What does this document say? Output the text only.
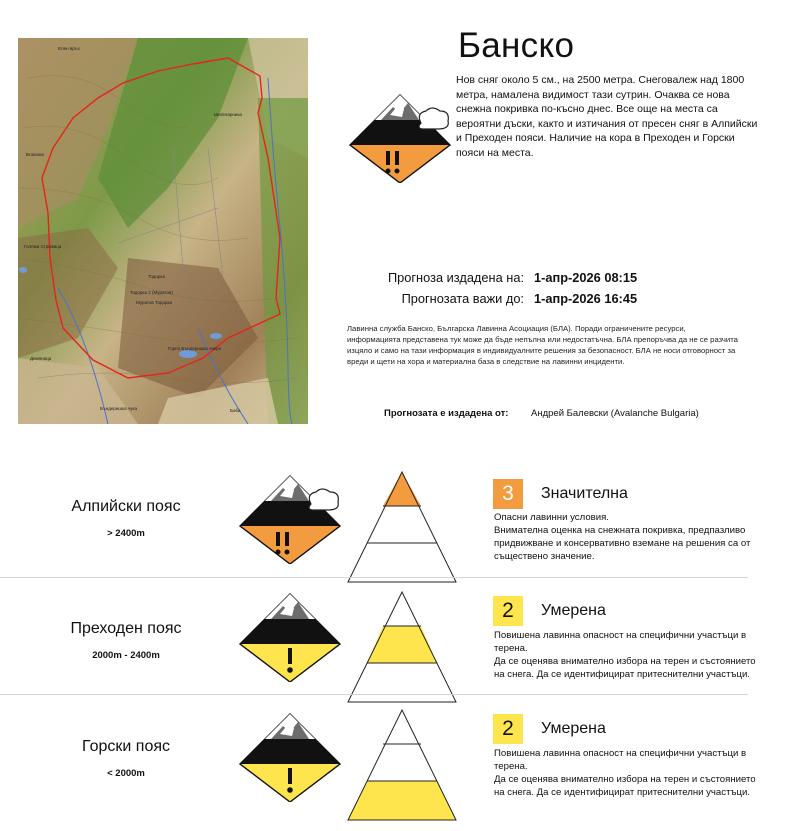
Тодорка
Тодорка 2 (Муратов)
Муратов Тодорка
Шилигарника
Влахина
Бъндеришка чука
Демяница
Горно Бъндеришко езеро
Елен връх
Баба
Голяма Стражица
Банско
Нов сняг около 5 см., на 2500 метра. Снеговалеж над 1800 метра, намалена видимост тази сутрин. Очаква се нова снежна покривка по-късно днес. Все още на места са вероятни дъски, както и изтичания от пресен сняг в Алпийски и Преходен пояси. Наличие на кора в Преходен и Горски пояси на места.
Прогноза издадена на: 1-апр-2026 08:15
Прогнозата важи до: 1-апр-2026 16:45
Лавинна служба Банско, Българска Лавинна Асоциация (БЛА). Поради ограничените ресурси, информацията представена тук може да бъде непълна или недостатъчна. БЛА препоръчва да не се разчита изцяло и само на тази информация в индивидуалните решения за безопасност. БЛА не носи отговорност за вреди и щети на хора и материална база в следствие на лавинни инциденти.
Прогнозата е издадена от: Андрей Балевски (Avalanche Bulgaria)
Алпийски пояс
> 2400m
3	Значителна
Опасни лавинни условия.
Внимателна оценка на снежната покривка, предпазливо придвижване и консервативно вземане на решения са от съществено значение.
Преходен пояс
2000m - 2400m
2	Умерена
Повишена лавинна опасност на специфични участъци в терена.
Да се оценява внимателно избора на терен и състоянието на снега. Да се идентифицират притеснителни участъци.
Горски пояс
< 2000m
2	Умерена
Повишена лавинна опасност на специфични участъци в терена.
Да се оценява внимателно избора на терен и състоянието на снега. Да се идентифицират притеснителни участъци.
